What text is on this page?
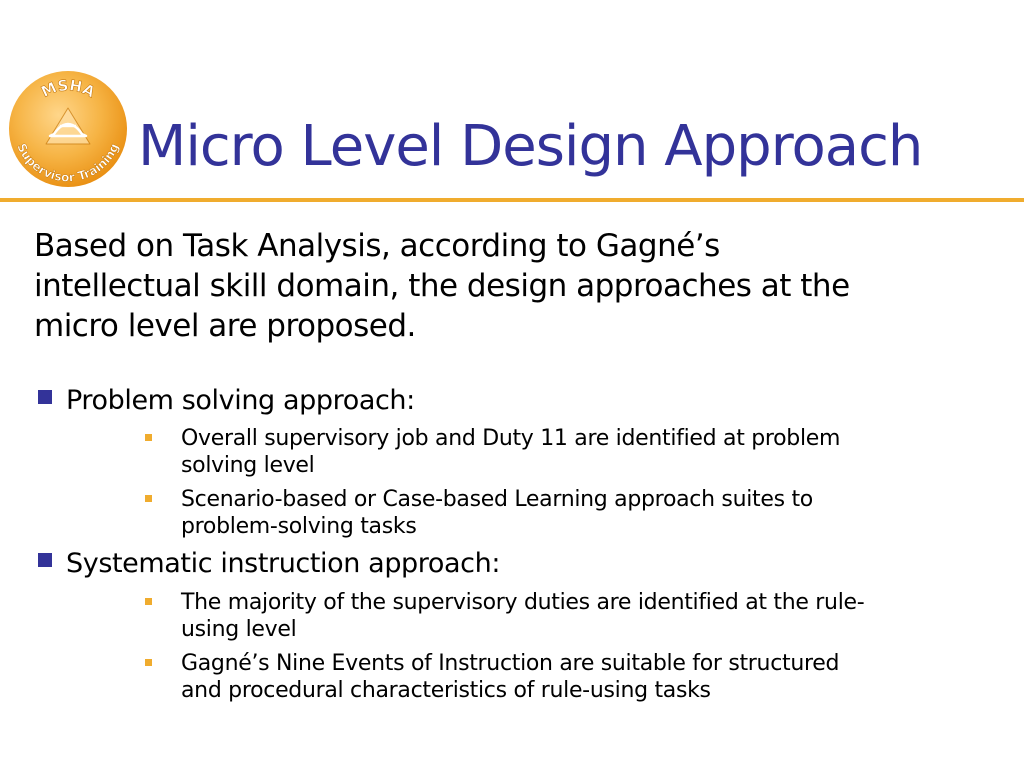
MSHA
Supervisor Training Micro Level Design Approach

Based on Task Analysis, according to Gagné’s
intellectual skill domain, the design approaches at the
micro level are proposed.

Problem solving approach:
Overall supervisory job and Duty 11 are identified at problem
solving level
Scenario-based or Case-based Learning approach suites to
problem-solving tasks
Systematic instruction approach:
The majority of the supervisory duties are identified at the rule-
using level
Gagné’s Nine Events of Instruction are suitable for structured
and procedural characteristics of rule-using tasks
